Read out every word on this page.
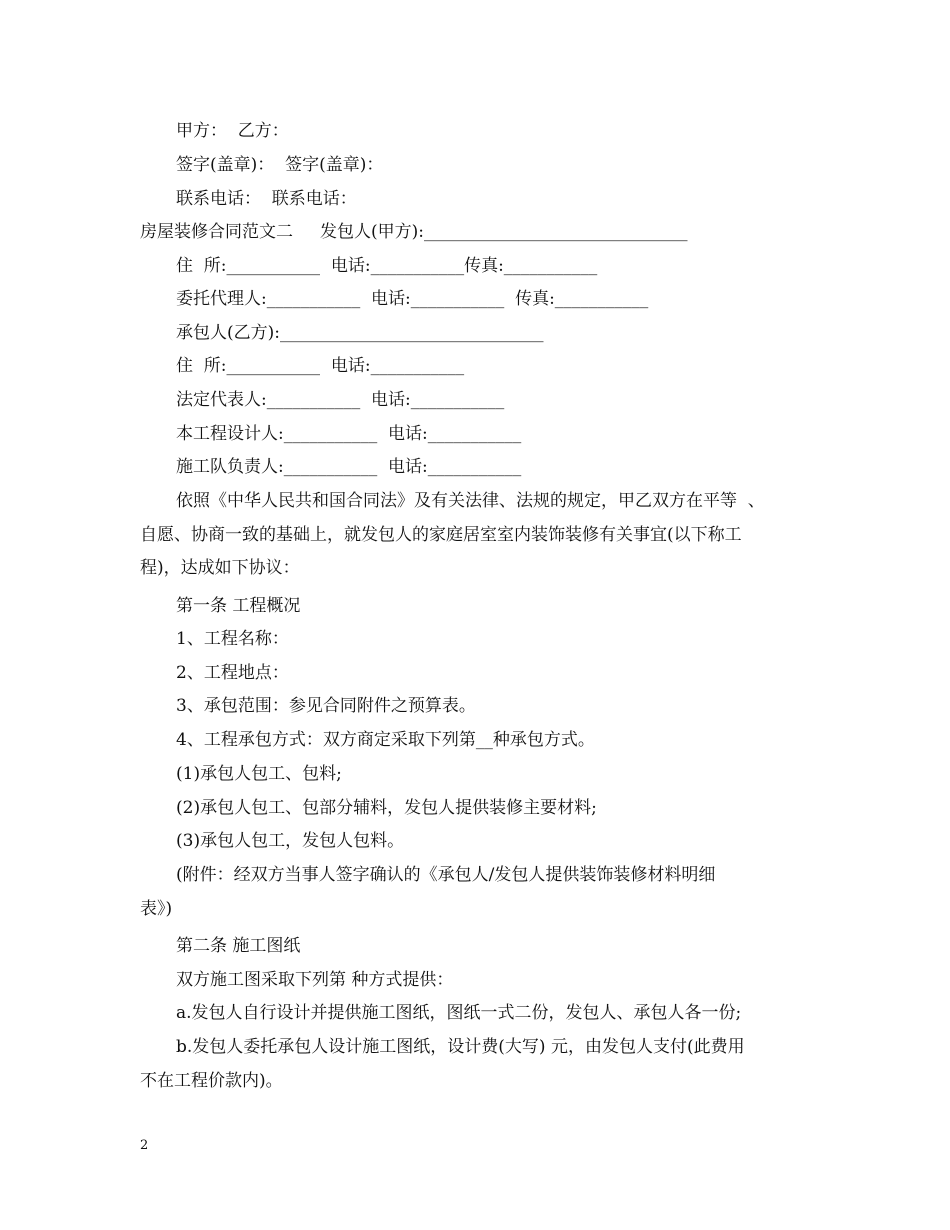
甲方：  乙方：
签字(盖章)：  签字(盖章)：
联系电话：  联系电话：
房屋装修合同范文二     发包人(甲方):_______________________________
住  所:___________  电话:___________传真:___________
委托代理人:___________  电话:___________  传真:___________
承包人(乙方):_______________________________
住  所:___________  电话:___________
法定代表人:___________  电话:___________
本工程设计人:___________  电话:___________
施工队负责人:___________  电话:___________
依照《中华人民共和国合同法》及有关法律、法规的规定，甲乙双方在平等  、
自愿、协商一致的基础上，就发包人的家庭居室室内装饰装修有关事宜(以下称工
程)，达成如下协议：
第一条 工程概况
1、工程名称：
2、工程地点：
3、承包范围：参见合同附件之预算表。
4、工程承包方式：双方商定采取下列第__种承包方式。
(1)承包人包工、包料;
(2)承包人包工、包部分辅料，发包人提供装修主要材料;
(3)承包人包工，发包人包料。
(附件：经双方当事人签字确认的《承包人/发包人提供装饰装修材料明细
表》)
第二条 施工图纸
双方施工图采取下列第 种方式提供：
a.发包人自行设计并提供施工图纸，图纸一式二份，发包人、承包人各一份;
b.发包人委托承包人设计施工图纸，设计费(大写) 元，由发包人支付(此费用
不在工程价款内)。
2
